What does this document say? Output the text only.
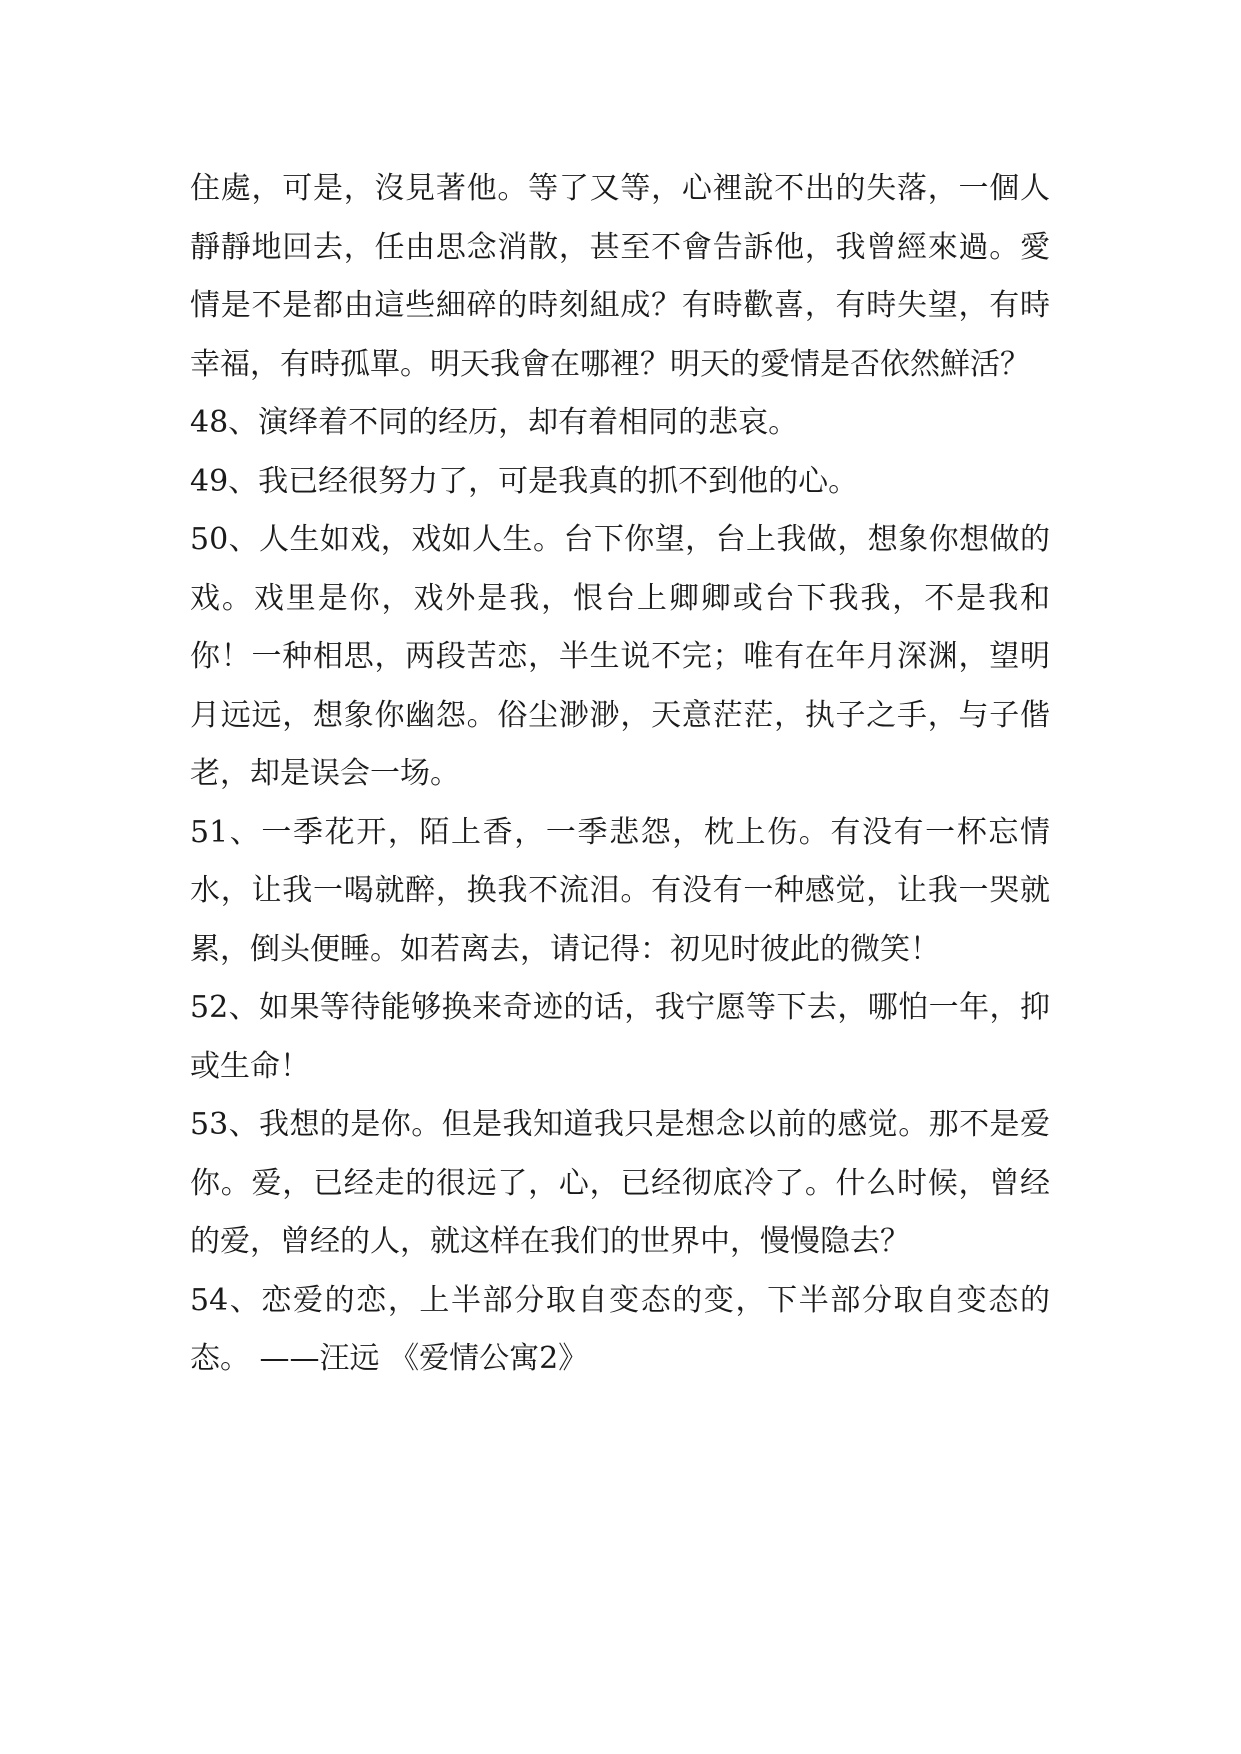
住處，可是，沒見著他。等了又等，心裡說不出的失落，一個人靜靜地回去，任由思念消散，甚至不會告訴他，我曾經來過。愛情是不是都由這些細碎的時刻組成？有時歡喜，有時失望，有時幸福，有時孤單。明天我會在哪裡？明天的愛情是否依然鮮活？

48、演绎着不同的经历，却有着相同的悲哀。

49、我已经很努力了，可是我真的抓不到他的心。

50、人生如戏，戏如人生。台下你望，台上我做，想象你想做的戏。戏里是你，戏外是我，恨台上卿卿或台下我我，不是我和你！一种相思，两段苦恋，半生说不完；唯有在年月深渊，望明月远远，想象你幽怨。俗尘渺渺，天意茫茫，执子之手，与子偕老，却是误会一场。

51、一季花开，陌上香，一季悲怨，枕上伤。有没有一杯忘情水，让我一喝就醉，换我不流泪。有没有一种感觉，让我一哭就累，倒头便睡。如若离去，请记得：初见时彼此的微笑！

52、如果等待能够换来奇迹的话，我宁愿等下去，哪怕一年，抑或生命！

53、我想的是你。但是我知道我只是想念以前的感觉。那不是爱你。爱，已经走的很远了，心，已经彻底冷了。什么时候，曾经的爱，曾经的人，就这样在我们的世界中，慢慢隐去？

54、恋爱的恋，上半部分取自变态的变，下半部分取自变态的态。 ——汪远 《爱情公寓2》
